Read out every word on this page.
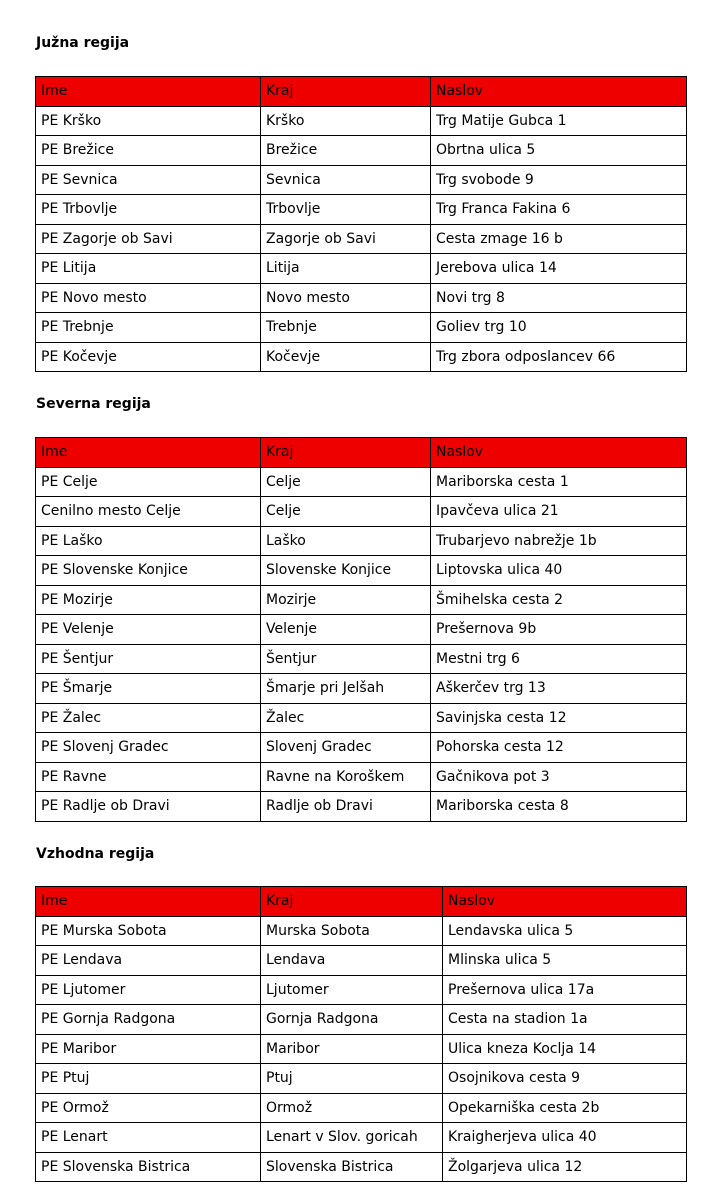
Južna regija
Ime	Kraj	Naslov
PE Krško	Krško	Trg Matije Gubca 1
PE Brežice	Brežice	Obrtna ulica 5
PE Sevnica	Sevnica	Trg svobode 9
PE Trbovlje	Trbovlje	Trg Franca Fakina 6
PE Zagorje ob Savi	Zagorje ob Savi	Cesta zmage 16 b
PE Litija	Litija	Jerebova ulica 14
PE Novo mesto	Novo mesto	Novi trg 8
PE Trebnje	Trebnje	Goliev trg 10
PE Kočevje	Kočevje	Trg zbora odposlancev 66
Severna regija
Ime	Kraj	Naslov
PE Celje	Celje	Mariborska cesta 1
Cenilno mesto Celje	Celje	Ipavčeva ulica 21
PE Laško	Laško	Trubarjevo nabrežje 1b
PE Slovenske Konjice	Slovenske Konjice	Liptovska ulica 40
PE Mozirje	Mozirje	Šmihelska cesta 2
PE Velenje	Velenje	Prešernova 9b
PE Šentjur	Šentjur	Mestni trg 6
PE Šmarje	Šmarje pri Jelšah	Aškerčev trg 13
PE Žalec	Žalec	Savinjska cesta 12
PE Slovenj Gradec	Slovenj Gradec	Pohorska cesta 12
PE Ravne	Ravne na Koroškem	Gačnikova pot 3
PE Radlje ob Dravi	Radlje ob Dravi	Mariborska cesta 8
Vzhodna regija
Ime	Kraj	Naslov
PE Murska Sobota	Murska Sobota	Lendavska ulica 5
PE Lendava	Lendava	Mlinska ulica 5
PE Ljutomer	Ljutomer	Prešernova ulica 17a
PE Gornja Radgona	Gornja Radgona	Cesta na stadion 1a
PE Maribor	Maribor	Ulica kneza Koclja 14
PE Ptuj	Ptuj	Osojnikova cesta 9
PE Ormož	Ormož	Opekarniška cesta 2b
PE Lenart	Lenart v Slov. goricah	Kraigherjeva ulica 40
PE Slovenska Bistrica	Slovenska Bistrica	Žolgarjeva ulica 12
